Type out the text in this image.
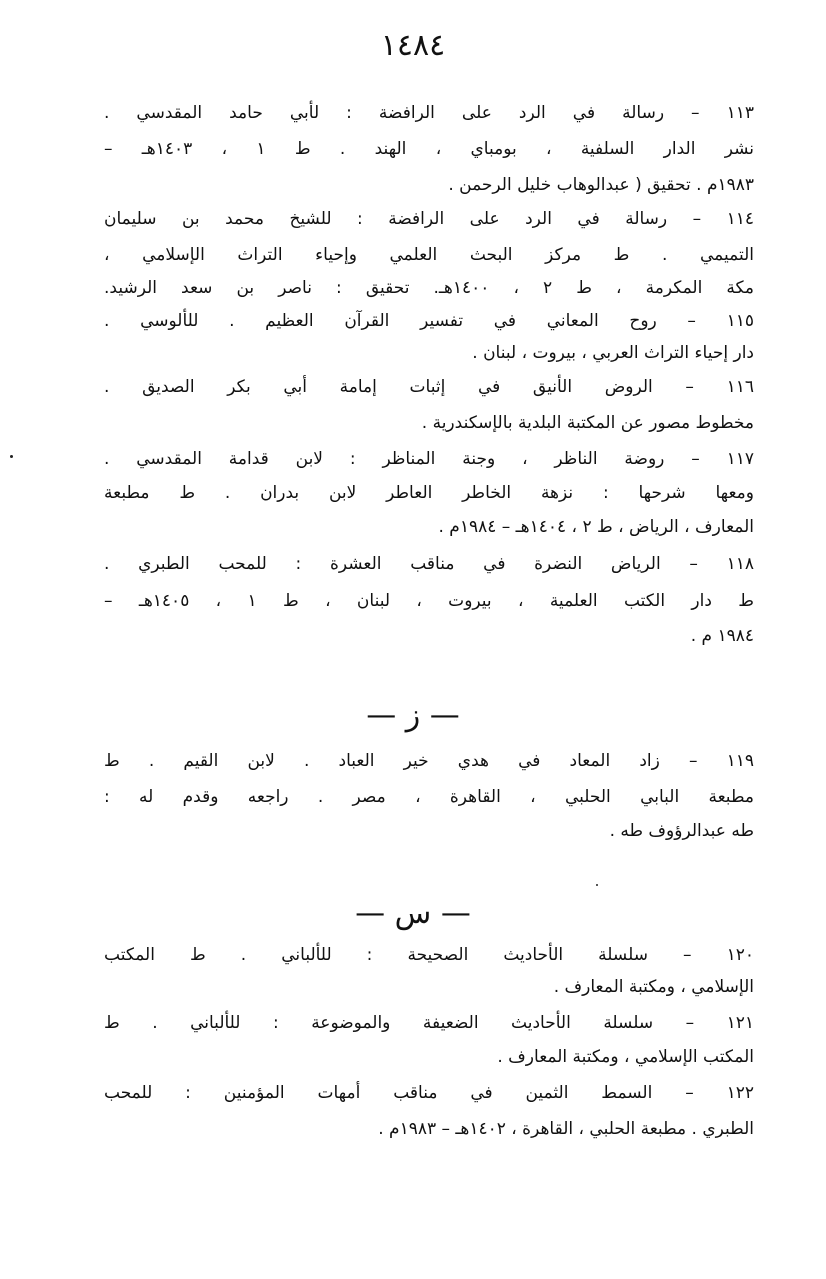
١٤٨٤
١١٣ – رسالة في الرد على الرافضة : لأبي حامد المقدسي .
نشر الدار السلفية ، بومباي ، الهند . ط ١ ، ١٤٠٣هـ –
١٩٨٣م . تحقيق ( عبدالوهاب خليل الرحمن .
١١٤ – رسالة في الرد على الرافضة : للشيخ محمد بن سليمان
التميمي . ط مركز البحث العلمي وإحياء التراث الإسلامي ،
مكة المكرمة ، ط ٢ ، ١٤٠٠هـ. تحقيق : ناصر بن سعد الرشيد.
١١٥ – روح المعاني في تفسير القرآن العظيم . للألوسي .
دار إحياء التراث العربي ، بيروت ، لبنان .
١١٦ – الروض الأنيق في إثبات إمامة أبي بكر الصديق .
مخطوط مصور عن المكتبة البلدية بالإسكندرية .
١١٧ – روضة الناظر ، وجنة المناظر : لابن قدامة المقدسي .
ومعها شرحها : نزهة الخاطر العاطر لابن بدران . ط مطبعة
المعارف ، الرياض ، ط ٢ ، ١٤٠٤هـ – ١٩٨٤م .
١١٨ – الرياض النضرة في مناقب العشرة : للمحب الطبري .
ط دار الكتب العلمية ، بيروت ، لبنان ، ط ١ ، ١٤٠٥هـ –
١٩٨٤ م .
— ز —
١١٩ – زاد المعاد في هدي خير العباد . لابن القيم . ط
مطبعة البابي الحلبي ، القاهرة ، مصر . راجعه وقدم له :
طه عبدالرؤوف طه .
— س —
١٢٠ – سلسلة الأحاديث الصحيحة : للألباني . ط المكتب
الإسلامي ، ومكتبة المعارف .
١٢١ – سلسلة الأحاديث الضعيفة والموضوعة : للألباني . ط
المكتب الإسلامي ، ومكتبة المعارف .
١٢٢ – السمط الثمين في مناقب أمهات المؤمنين : للمحب
الطبري . مطبعة الحلبي ، القاهرة ، ١٤٠٢هـ – ١٩٨٣م .
